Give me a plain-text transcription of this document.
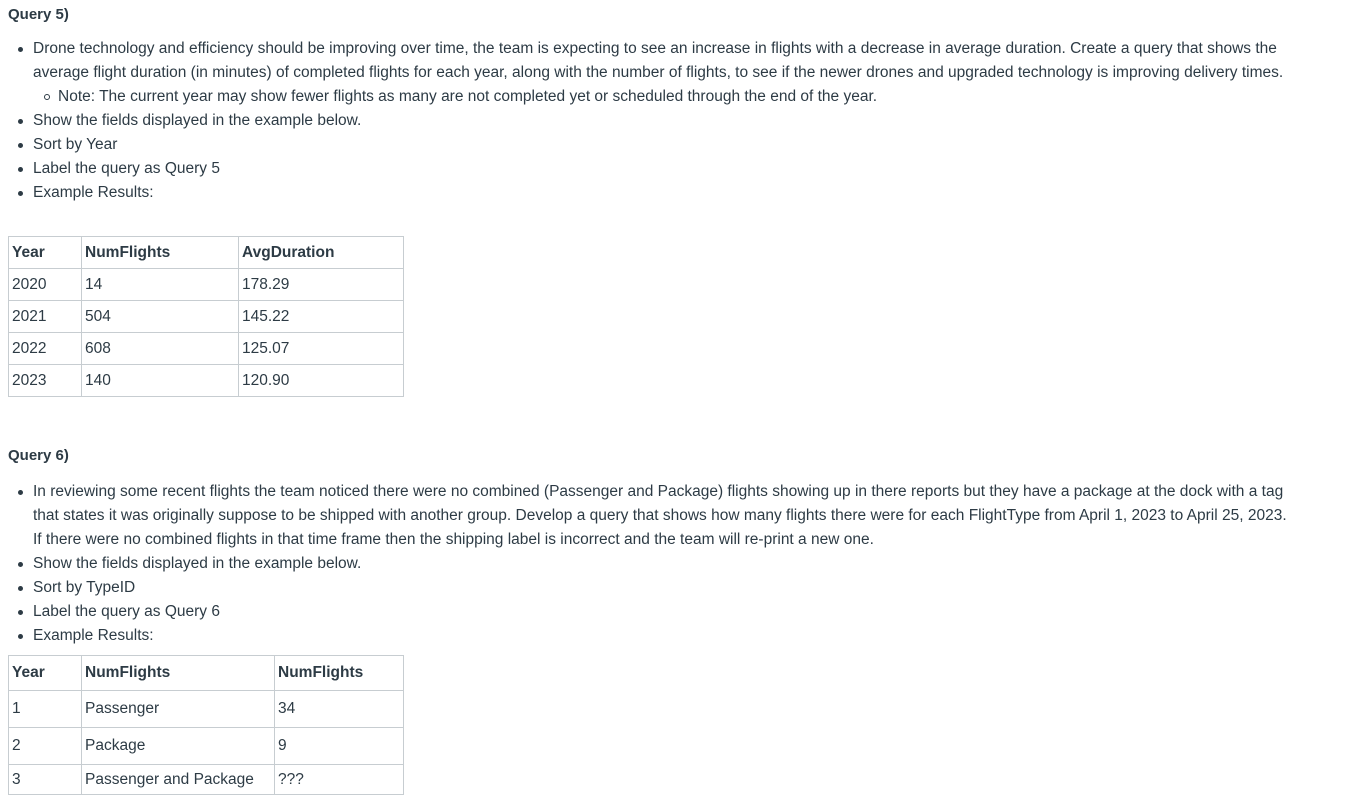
Query 5)
Drone technology and efficiency should be improving over time, the team is expecting to see an increase in flights with a decrease in average duration. Create a query that shows the average flight duration (in minutes) of completed flights for each year, along with the number of flights, to see if the newer drones and upgraded technology is improving delivery times.
Note: The current year may show fewer flights as many are not completed yet or scheduled through the end of the year.
Show the fields displayed in the example below.
Sort by Year
Label the query as Query 5
Example Results:
Year	NumFlights	AvgDuration
2020	14	178.29
2021	504	145.22
2022	608	125.07
2023	140	120.90
Query 6)
In reviewing some recent flights the team noticed there were no combined (Passenger and Package) flights showing up in there reports but they have a package at the dock with a tag that states it was originally suppose to be shipped with another group. Develop a query that shows how many flights there were for each FlightType from April 1, 2023 to April 25, 2023. If there were no combined flights in that time frame then the shipping label is incorrect and the team will re-print a new one.
Show the fields displayed in the example below.
Sort by TypeID
Label the query as Query 6
Example Results:
Year	NumFlights	NumFlights
1	Passenger	34
2	Package	9
3	Passenger and Package	???
